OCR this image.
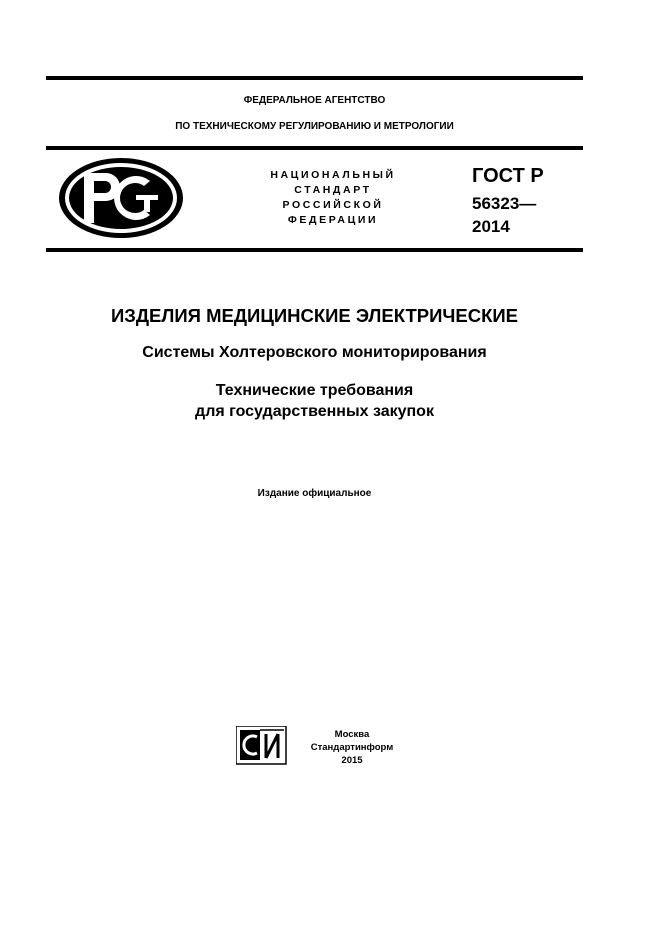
ФЕДЕРАЛЬНОЕ АГЕНТСТВО
ПО ТЕХНИЧЕСКОМУ РЕГУЛИРОВАНИЮ И МЕТРОЛОГИИ
НАЦИОНАЛЬНЫЙ
СТАНДАРТ
РОССИЙСКОЙ
ФЕДЕРАЦИИ
ГОСТ Р
56323—
2014
ИЗДЕЛИЯ МЕДИЦИНСКИЕ ЭЛЕКТРИЧЕСКИЕ
Системы Холтеровского мониторирования
Технические требования
для государственных закупок
Издание официальное
Москва
Стандартинформ
2015
